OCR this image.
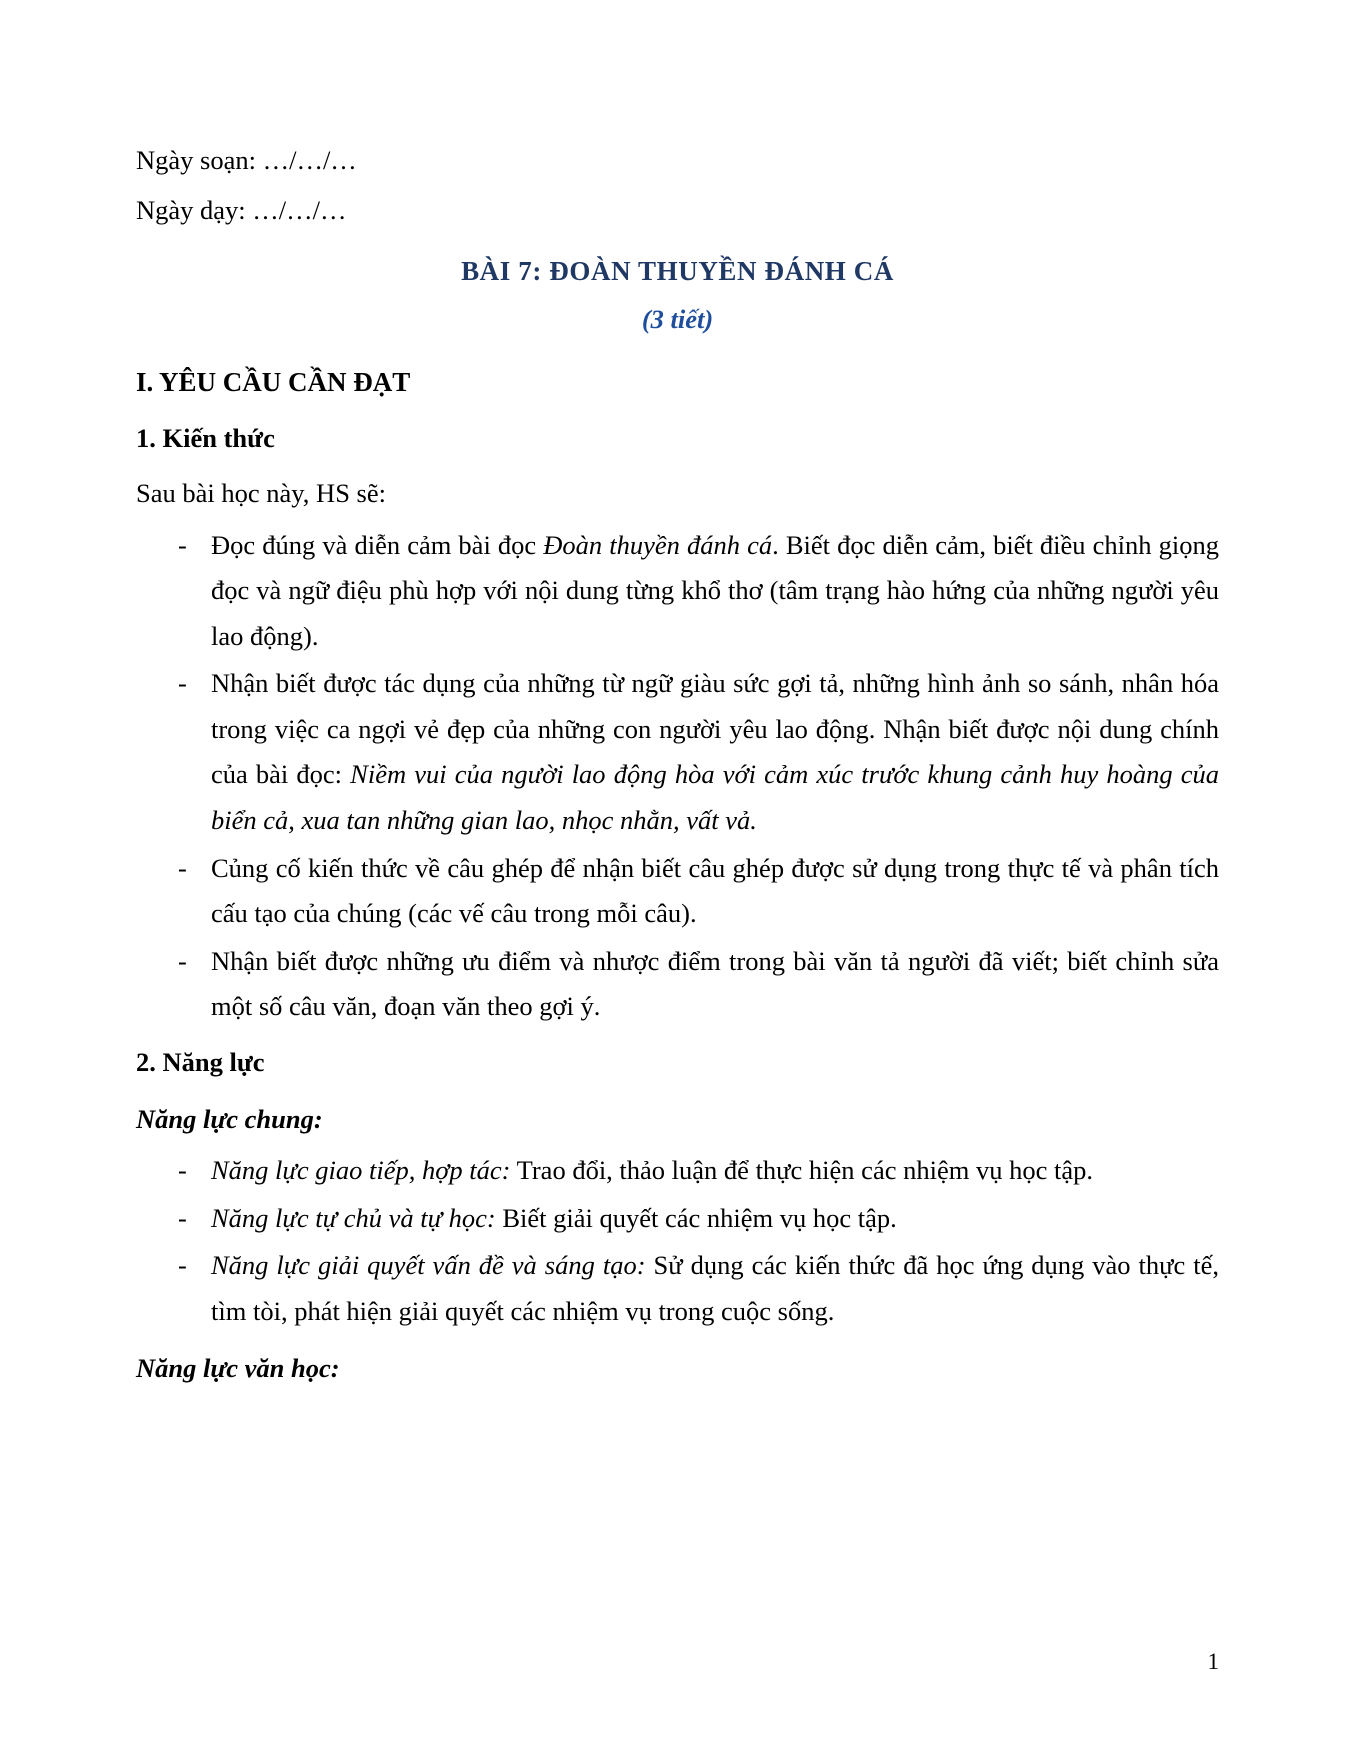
Ngày soạn: …/…/…

Ngày dạy: …/…/…

BÀI 7: ĐOÀN THUYỀN ĐÁNH CÁ
(3 tiết)
I. YÊU CẦU CẦN ĐẠT
1. Kiến thức

Sau bài học này, HS sẽ:

- Đọc đúng và diễn cảm bài đọc Đoàn thuyền đánh cá. Biết đọc diễn cảm, biết điều chỉnh giọng đọc và ngữ điệu phù hợp với nội dung từng khổ thơ (tâm trạng hào hứng của những người yêu lao động).
- Nhận biết được tác dụng của những từ ngữ giàu sức gợi tả, những hình ảnh so sánh, nhân hóa trong việc ca ngợi vẻ đẹp của những con người yêu lao động. Nhận biết được nội dung chính của bài đọc: Niềm vui của người lao động hòa với cảm xúc trước khung cảnh huy hoàng của biển cả, xua tan những gian lao, nhọc nhằn, vất vả.
- Củng cố kiến thức về câu ghép để nhận biết câu ghép được sử dụng trong thực tế và phân tích cấu tạo của chúng (các vế câu trong mỗi câu).
- Nhận biết được những ưu điểm và nhược điểm trong bài văn tả người đã viết; biết chỉnh sửa một số câu văn, đoạn văn theo gợi ý.
2. Năng lực
Năng lực chung:
- Năng lực giao tiếp, hợp tác: Trao đổi, thảo luận để thực hiện các nhiệm vụ học tập.
- Năng lực tự chủ và tự học: Biết giải quyết các nhiệm vụ học tập.
- Năng lực giải quyết vấn đề và sáng tạo: Sử dụng các kiến thức đã học ứng dụng vào thực tế, tìm tòi, phát hiện giải quyết các nhiệm vụ trong cuộc sống.
Năng lực văn học:
1
